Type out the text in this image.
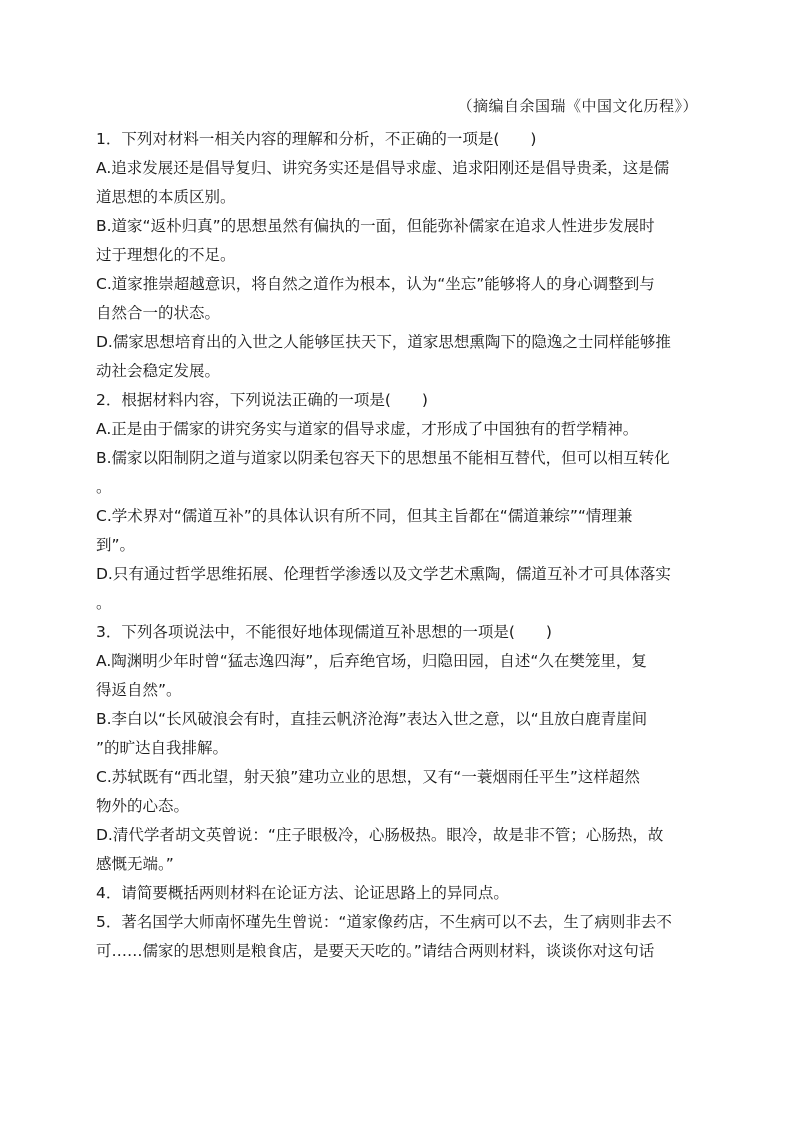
（摘编自余国瑞《中国文化历程》）
1．下列对材料一相关内容的理解和分析，不正确的一项是(　　)
A.追求发展还是倡导复归、讲究务实还是倡导求虚、追求阳刚还是倡导贵柔，这是儒
道思想的本质区别。
B.道家“返朴归真”的思想虽然有偏执的一面，但能弥补儒家在追求人性进步发展时
过于理想化的不足。
C.道家推崇超越意识，将自然之道作为根本，认为“坐忘”能够将人的身心调整到与
自然合一的状态。
D.儒家思想培育出的入世之人能够匡扶天下，道家思想熏陶下的隐逸之士同样能够推
动社会稳定发展。
2．根据材料内容，下列说法正确的一项是(　　)
A.正是由于儒家的讲究务实与道家的倡导求虚，才形成了中国独有的哲学精神。
B.儒家以阳制阴之道与道家以阴柔包容天下的思想虽不能相互替代，但可以相互转化
。
C.学术界对“儒道互补”的具体认识有所不同，但其主旨都在“儒道兼综”“情理兼
到”。
D.只有通过哲学思维拓展、伦理哲学渗透以及文学艺术熏陶，儒道互补才可具体落实
。
3．下列各项说法中，不能很好地体现儒道互补思想的一项是(　　)
A.陶渊明少年时曾“猛志逸四海”，后弃绝官场，归隐田园，自述“久在樊笼里，复
得返自然”。
B.李白以“长风破浪会有时，直挂云帆济沧海”表达入世之意，以“且放白鹿青崖间
”的旷达自我排解。
C.苏轼既有“西北望，射天狼”建功立业的思想，又有“一蓑烟雨任平生”这样超然
物外的心态。
D.清代学者胡文英曾说：“庄子眼极冷，心肠极热。眼冷，故是非不管；心肠热，故
感慨无端。”
4．请简要概括两则材料在论证方法、论证思路上的异同点。
5．著名国学大师南怀瑾先生曾说：“道家像药店，不生病可以不去，生了病则非去不
可……儒家的思想则是粮食店，是要天天吃的。”请结合两则材料，谈谈你对这句话
